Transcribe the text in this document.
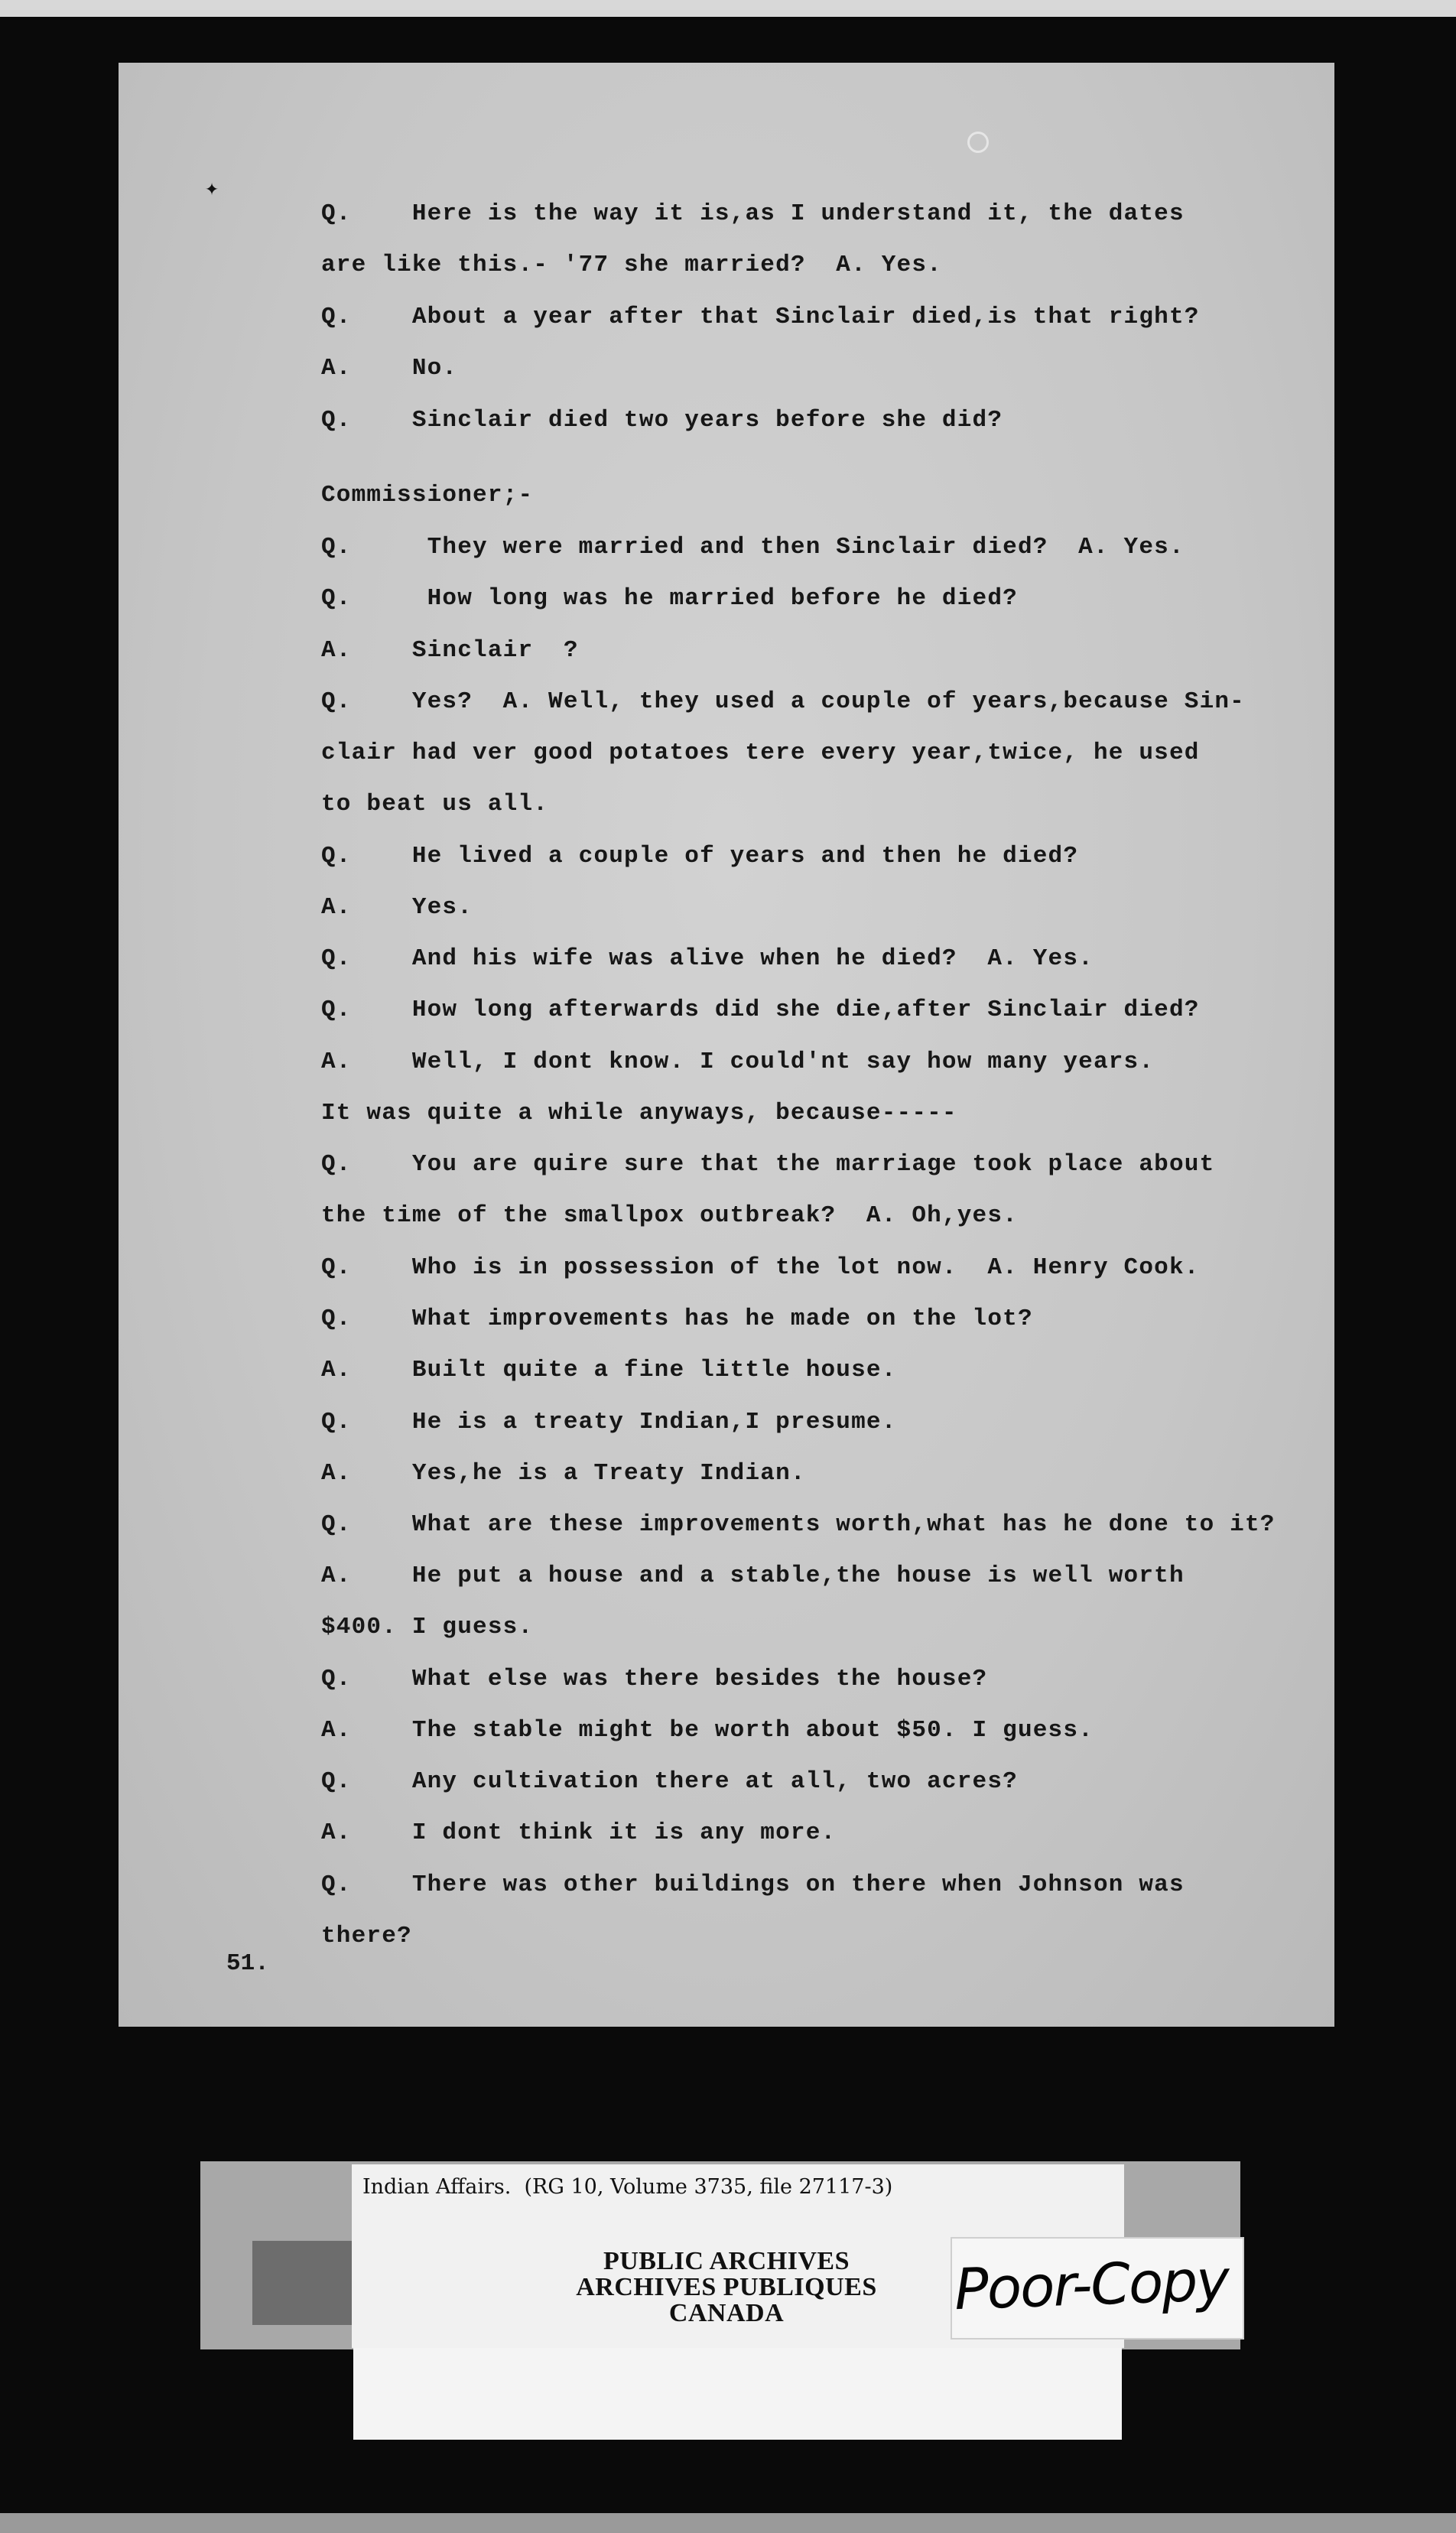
✦
Q.    Here is the way it is,as I understand it, the dates
are like this.- '77 she married?  A. Yes.
Q.    About a year after that Sinclair died,is that right?
A.    No.
Q.    Sinclair died two years before she did?
Commissioner;-
Q.     They were married and then Sinclair died?  A. Yes.
Q.     How long was he married before he died?
A.    Sinclair  ?
Q.    Yes?  A. Well, they used a couple of years,because Sin-
clair had ver good potatoes tere every year,twice, he used
to beat us all.
Q.    He lived a couple of years and then he died?
A.    Yes.
Q.    And his wife was alive when he died?  A. Yes.
Q.    How long afterwards did she die,after Sinclair died?
A.    Well, I dont know. I could'nt say how many years.
It was quite a while anyways, because-----
Q.    You are quire sure that the marriage took place about
the time of the smallpox outbreak?  A. Oh,yes.
Q.    Who is in possession of the lot now.  A. Henry Cook.
Q.    What improvements has he made on the lot?
A.    Built quite a fine little house.
Q.    He is a treaty Indian,I presume.
A.    Yes,he is a Treaty Indian.
Q.    What are these improvements worth,what has he done to it?
A.    He put a house and a stable,the house is well worth
$400. I guess.
Q.    What else was there besides the house?
A.    The stable might be worth about $50. I guess.
Q.    Any cultivation there at all, two acres?
A.    I dont think it is any more.
Q.    There was other buildings on there when Johnson was
there?
51.
Indian Affairs.  (RG 10, Volume 3735, file 27117-3)
PUBLIC ARCHIVES
ARCHIVES PUBLIQUES
CANADA	Poor-Copy
